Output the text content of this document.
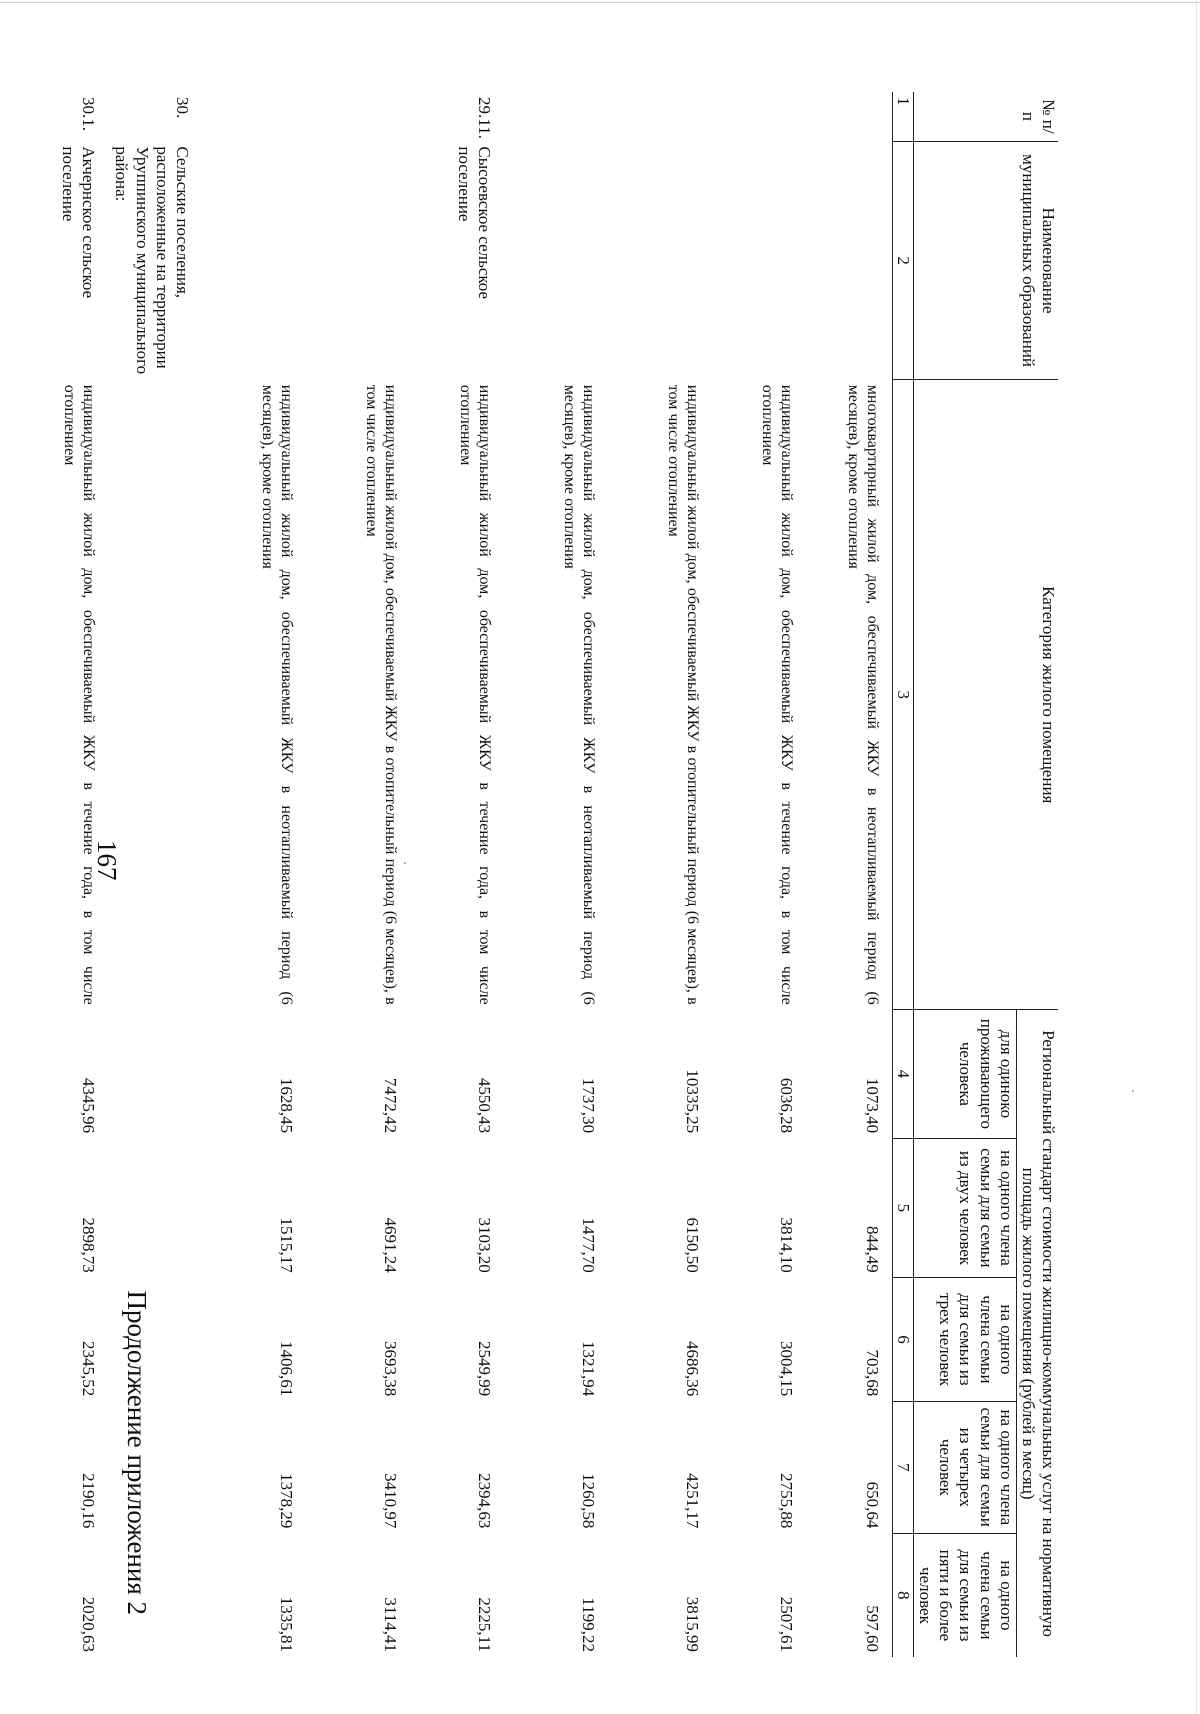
167
Продолжение приложения 2
№ п/п	Наименование муниципальных образований	Категория жилого помещения	Региональный стандарт стоимости жилищно-коммунальных услуг на нормативную площадь жилого помещения (рублей в месяц)				
			для одиноко проживающего человека	на одного члена семьи для семьи из двух человек	на одного члена семьи для семьи из трех человек	на одного члена семьи для семьи из четырех человек	на одного члена семьи для семьи из пяти и более человек
1	2	3	4	5	6	7	8
		многоквартирный жилой дом, обеспечиваемый ЖКУ в неотапливаемый период (6 месяцев), кроме отопления	1073,40	844,49	703,68	650,64	597,60
		индивидуальный жилой дом, обеспечиваемый ЖКУ в течение года, в том числе отоплением	6036,28	3814,10	3004,15	2755,88	2507,61
		индивидуальный жилой дом, обеспечиваемый ЖКУ в отопительный период (6 месяцев), в том числе отоплением	10335,25	6150,50	4686,36	4251,17	3815,99
		индивидуальный жилой дом, обеспечиваемый ЖКУ в неотапливаемый период (6 месяцев), кроме отопления	1737,30	1477,70	1321,94	1260,58	1199,22
29.11.	Сысоевское сельское поселение	индивидуальный жилой дом, обеспечиваемый ЖКУ в течение года, в том числе отоплением	4550,43	3103,20	2549,99	2394,63	2225,11
		индивидуальный жилой дом, обеспечиваемый ЖКУ в отопительный период (6 месяцев), в том числе отоплением	7472,42	4691,24	3693,38	3410,97	3114,41
		индивидуальный жилой дом, обеспечиваемый ЖКУ в неотапливаемый период (6 месяцев), кроме отопления	1628,45	1515,17	1406,61	1378,29	1335,81
30.	Сельские поселения, расположенные на территории Уруппинского муниципального района:						
30.1.	Акчернское сельское поселение	индивидуальный жилой дом, обеспечиваемый ЖКУ в течение года, в том числе отоплением	4345,96	2898,73	2345,52	2190,16	2020,63
